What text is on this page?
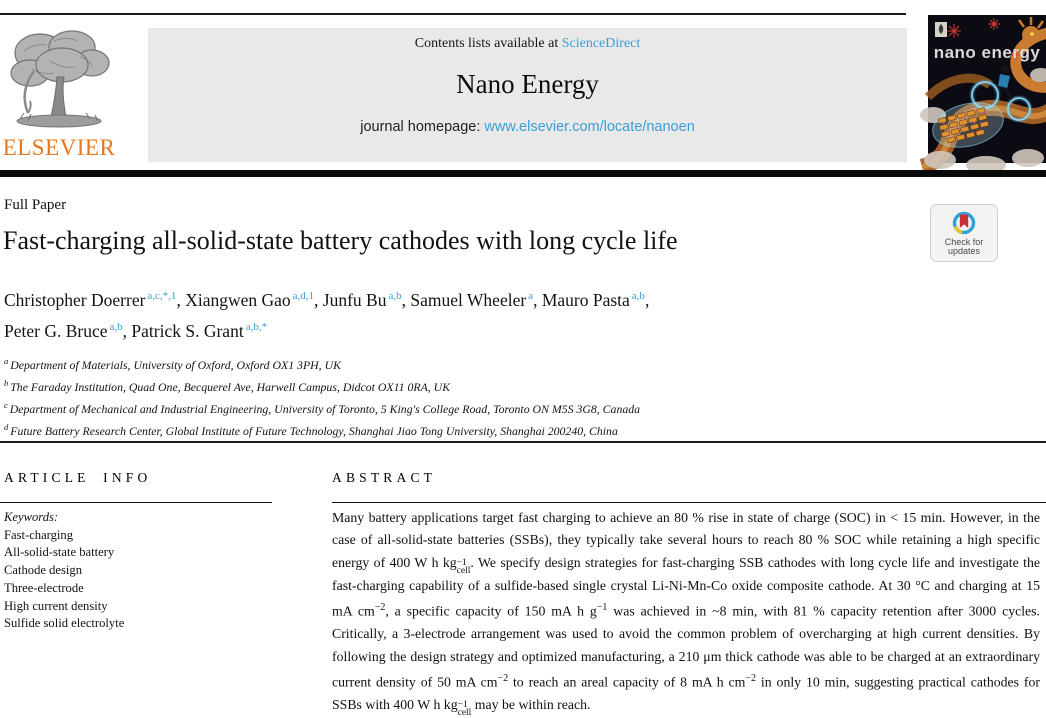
ELSEVIER
Contents lists available at ScienceDirect
Nano Energy
journal homepage: www.elsevier.com/locate/nanoen
nano energy
Full Paper
Fast-charging all-solid-state battery cathodes with long cycle life	Check for
updates
Christopher Doerrer $^{a,c,*,1}$, Xiangwen Gao $^{a,d,1}$, Junfu Bu $^{a,b}$, Samuel Wheeler $^a$, Mauro Pasta $^{a,b}$,
Peter G. Bruce $^{a,b}$, Patrick S. Grant $^{a,b,*}$
$^a$ Department of Materials, University of Oxford, Oxford OX1 3PH, UK
$^b$ The Faraday Institution, Quad One, Becquerel Ave, Harwell Campus, Didcot OX11 0RA, UK
$^c$ Department of Mechanical and Industrial Engineering, University of Toronto, 5 King's College Road, Toronto ON M5S 3G8, Canada
$^d$ Future Battery Research Center, Global Institute of Future Technology, Shanghai Jiao Tong University, Shanghai 200240, China
ARTICLE INFO
Keywords:
Fast-charging
All-solid-state battery
Cathode design
Three-electrode
High current density
Sulfide solid electrolyte
ABSTRACT

Many battery applications target fast charging to achieve an 80 % rise in state of charge (SOC) in < 15 min. However, in the case of all-solid-state batteries (SSBs), they typically take several hours to reach 80 % SOC while retaining a high specific energy of 400 W h kg −1
cell
. We specify design strategies for fast-charging SSB cathodes with long cycle life and investigate the fast-charging capability of a sulfide-based single crystal Li-Ni-Mn-Co oxide composite cathode. At 30 °C and charging at 15 mA $cm^{-2}$, a specific capacity of 150 mA h $g^{-1}$ was achieved in ~8 min, with 81 % capacity retention after 3000 cycles. Critically, a 3-electrode arrangement was used to avoid the common problem of overcharging at high current densities. By following the design strategy and optimized manufacturing, a 210 μm thick cathode was able to be charged at an extraordinary current density of 50 mA $cm^{-2}$ to reach an areal capacity of 8 mA h $cm^{-2}$ in only 10 min, suggesting practical cathodes for SSBs with 400 W h kg −1
cell
may be within reach.
